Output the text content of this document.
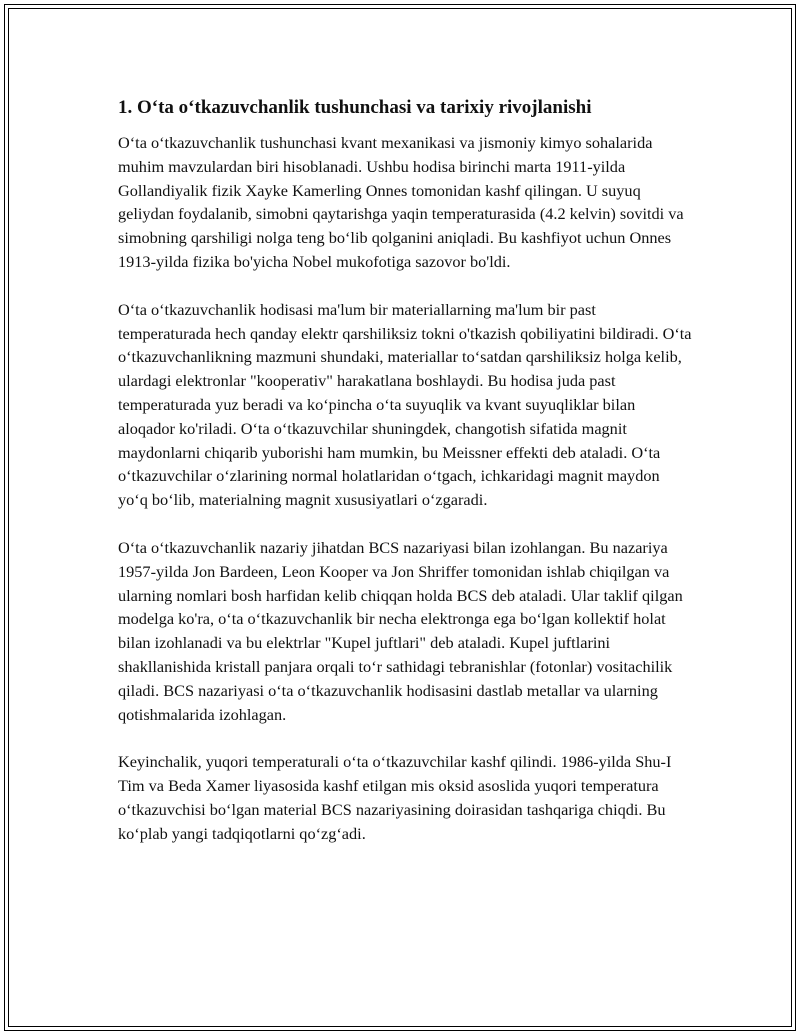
1. O‘ta o‘tkazuvchanlik tushunchasi va tarixiy rivojlanishi

O‘ta o‘tkazuvchanlik tushunchasi kvant mexanikasi va jismoniy kimyo sohalarida muhim mavzulardan biri hisoblanadi. Ushbu hodisa birinchi marta 1911-yilda Gollandiyalik fizik Xayke Kamerling Onnes tomonidan kashf qilingan. U suyuq geliydan foydalanib, simobni qaytarishga yaqin temperaturasida (4.2 kelvin) sovitdi va simobning qarshiligi nolga teng bo‘lib qolganini aniqladi. Bu kashfiyot uchun Onnes 1913-yilda fizika bo'yicha Nobel mukofotiga sazovor bo'ldi.

O‘ta o‘tkazuvchanlik hodisasi ma'lum bir materiallarning ma'lum bir past temperaturada hech qanday elektr qarshiliksiz tokni o'tkazish qobiliyatini bildiradi. O‘ta o‘tkazuvchanlikning mazmuni shundaki, materiallar to‘satdan qarshiliksiz holga kelib, ulardagi elektronlar "kooperativ" harakatlana boshlaydi. Bu hodisa juda past temperaturada yuz beradi va ko‘pincha o‘ta suyuqlik va kvant suyuqliklar bilan aloqador ko'riladi. O‘ta o‘tkazuvchilar shuningdek, changotish sifatida magnit maydonlarni chiqarib yuborishi ham mumkin, bu Meissner effekti deb ataladi. O‘ta o‘tkazuvchilar o‘zlarining normal holatlaridan o‘tgach, ichkaridagi magnit maydon yo‘q bo‘lib, materialning magnit xususiyatlari o‘zgaradi.

O‘ta o‘tkazuvchanlik nazariy jihatdan BCS nazariyasi bilan izohlangan. Bu nazariya 1957-yilda Jon Bardeen, Leon Kooper va Jon Shriffer tomonidan ishlab chiqilgan va ularning nomlari bosh harfidan kelib chiqqan holda BCS deb ataladi. Ular taklif qilgan modelga ko'ra, o‘ta o‘tkazuvchanlik bir necha elektronga ega bo‘lgan kollektif holat bilan izohlanadi va bu elektrlar "Kupel juftlari" deb ataladi. Kupel juftlarini shakllanishida kristall panjara orqali to‘r sathidagi tebranishlar (fotonlar) vositachilik qiladi. BCS nazariyasi o‘ta o‘tkazuvchanlik hodisasini dastlab metallar va ularning qotishmalarida izohlagan.

Keyinchalik, yuqori temperaturali o‘ta o‘tkazuvchilar kashf qilindi. 1986-yilda Shu-I Tim va Beda Xamer liyasosida kashf etilgan mis oksid asoslida yuqori temperatura o‘tkazuvchisi bo‘lgan material BCS nazariyasining doirasidan tashqariga chiqdi. Bu ko‘plab yangi tadqiqotlarni qo‘zg‘adi.
